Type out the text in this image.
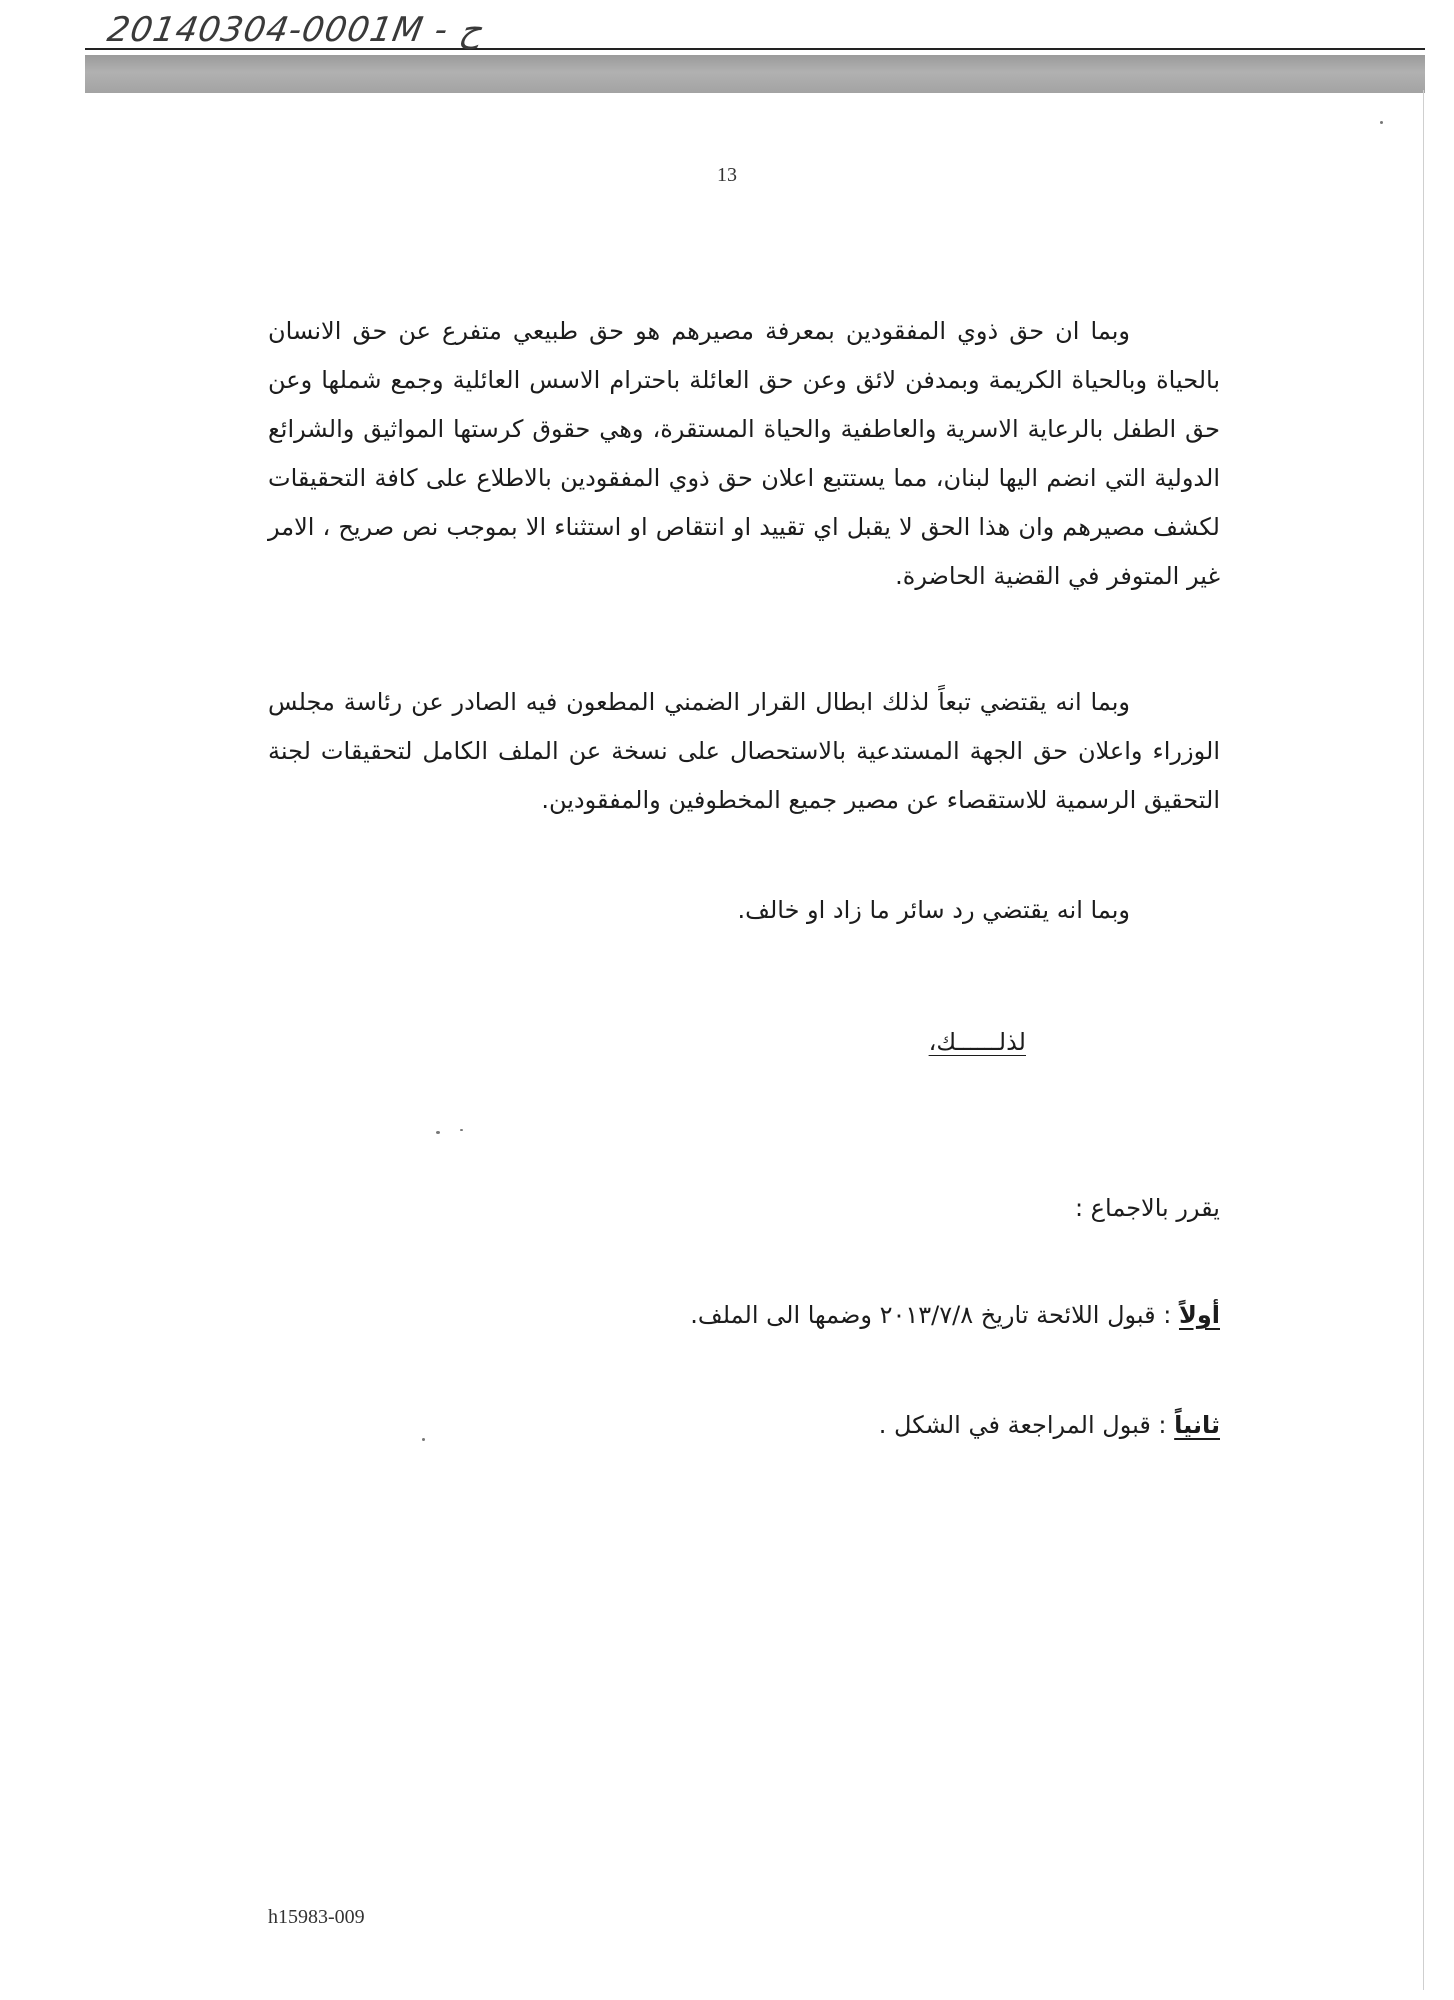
20140304-0001M - ح
13

وبما ان حق ذوي المفقودين بمعرفة مصيرهم هو حق طبيعي متفرع عن حق الانسان بالحياة وبالحياة الكريمة وبمدفن لائق وعن حق العائلة باحترام الاسس العائلية وجمع شملها وعن حق الطفل بالرعاية الاسرية والعاطفية والحياة المستقرة، وهي حقوق كرستها المواثيق والشرائع الدولية التي انضم اليها لبنان، مما يستتبع اعلان حق ذوي المفقودين بالاطلاع على كافة التحقيقات لكشف مصيرهم وان هذا الحق لا يقبل اي تقييد او انتقاص او استثناء الا بموجب نص صريح ، الامر غير المتوفر في القضية الحاضرة.

وبما انه يقتضي تبعاً لذلك ابطال القرار الضمني المطعون فيه الصادر عن رئاسة مجلس الوزراء واعلان حق الجهة المستدعية بالاستحصال على نسخة عن الملف الكامل لتحقيقات لجنة التحقيق الرسمية للاستقصاء عن مصير جميع المخطوفين والمفقودين.

وبما انه يقتضي رد سائر ما زاد او خالف.

لذلــــــك،

يقرر بالاجماع :

أولاً : قبول اللائحة تاريخ ٢٠١٣/٧/٨ وضمها الى الملف.

ثانياً : قبول المراجعة في الشكل .

h15983-009
